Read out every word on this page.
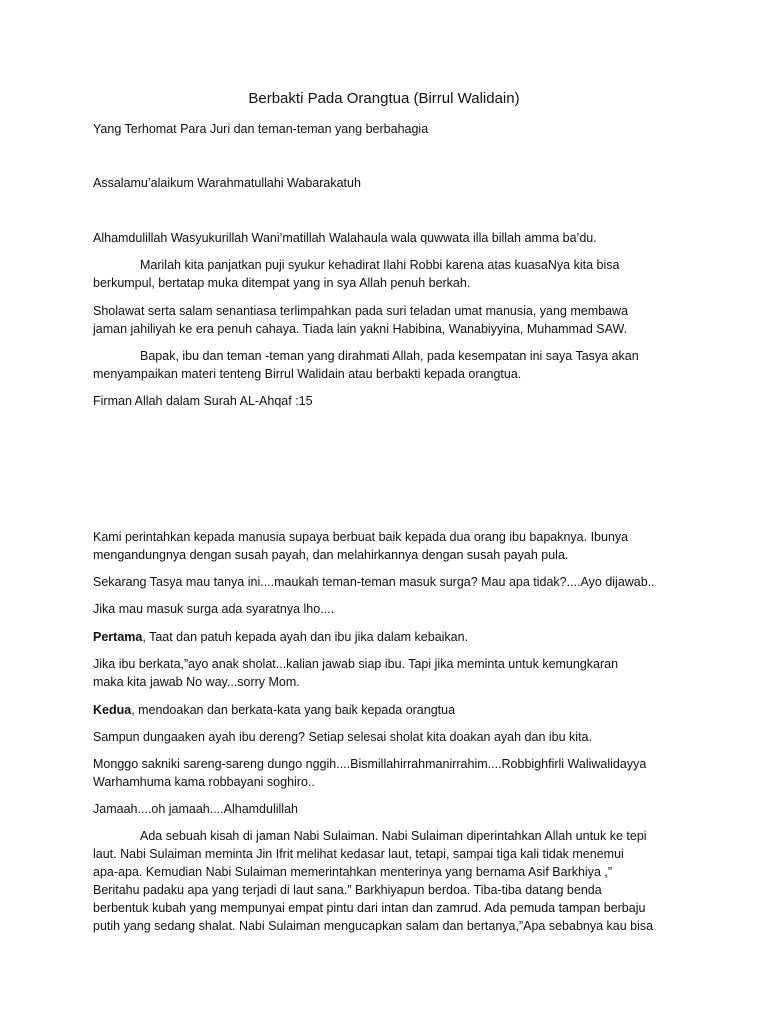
Berbakti Pada Orangtua (Birrul Walidain)

Yang Terhomat Para Juri dan teman-teman yang berbahagia

Assalamu’alaikum Warahmatullahi Wabarakatuh

Alhamdulillah Wasyukurillah Wani’matillah Walahaula wala quwwata illa billah amma ba’du.

Marilah kita panjatkan puji syukur kehadirat Ilahi Robbi karena atas kuasaNya kita bisa
berkumpul, bertatap muka ditempat yang in sya Allah penuh berkah.

Sholawat serta salam senantiasa terlimpahkan pada suri teladan umat manusia, yang membawa
jaman jahiliyah ke era penuh cahaya. Tiada lain yakni Habibina, Wanabiyyina, Muhammad SAW.

Bapak, ibu dan teman -teman yang dirahmati Allah, pada kesempatan ini saya Tasya akan
menyampaikan materi tenteng Birrul Walidain atau berbakti kepada orangtua.

Firman Allah dalam Surah AL-Ahqaf :15

Kami perintahkan kepada manusia supaya berbuat baik kepada dua orang ibu bapaknya. Ibunya
mengandungnya dengan susah payah, dan melahirkannya dengan susah payah pula.

Sekarang Tasya mau tanya ini....maukah teman-teman masuk surga? Mau apa tidak?....Ayo dijawab..

Jika mau masuk surga ada syaratnya lho....

Pertama, Taat dan patuh kepada ayah dan ibu jika dalam kebaikan.

Jika ibu berkata,”ayo anak sholat...kalian jawab siap ibu. Tapi jika meminta untuk kemungkaran
maka kita jawab No way...sorry Mom.

Kedua, mendoakan dan berkata-kata yang baik kepada orangtua

Sampun dungaaken ayah ibu dereng? Setiap selesai sholat kita doakan ayah dan ibu kita.

Monggo sakniki sareng-sareng dungo nggih....Bismillahirrahmanirrahim....Robbighfirli Waliwalidayya
Warhamhuma kama robbayani soghiro..

Jamaah....oh jamaah....Alhamdulillah

Ada sebuah kisah di jaman Nabi Sulaiman. Nabi Sulaiman diperintahkan Allah untuk ke tepi
laut. Nabi Sulaiman meminta Jin Ifrit melihat kedasar laut, tetapi, sampai tiga kali tidak menemui
apa-apa. Kemudian Nabi Sulaiman memerintahkan menterinya yang bernama Asif Barkhiya ,”
Beritahu padaku apa yang terjadi di laut sana.” Barkhiyapun berdoa. Tiba-tiba datang benda
berbentuk kubah yang mempunyai empat pintu dari intan dan zamrud. Ada pemuda tampan berbaju
putih yang sedang shalat. Nabi Sulaiman mengucapkan salam dan bertanya,”Apa sebabnya kau bisa
